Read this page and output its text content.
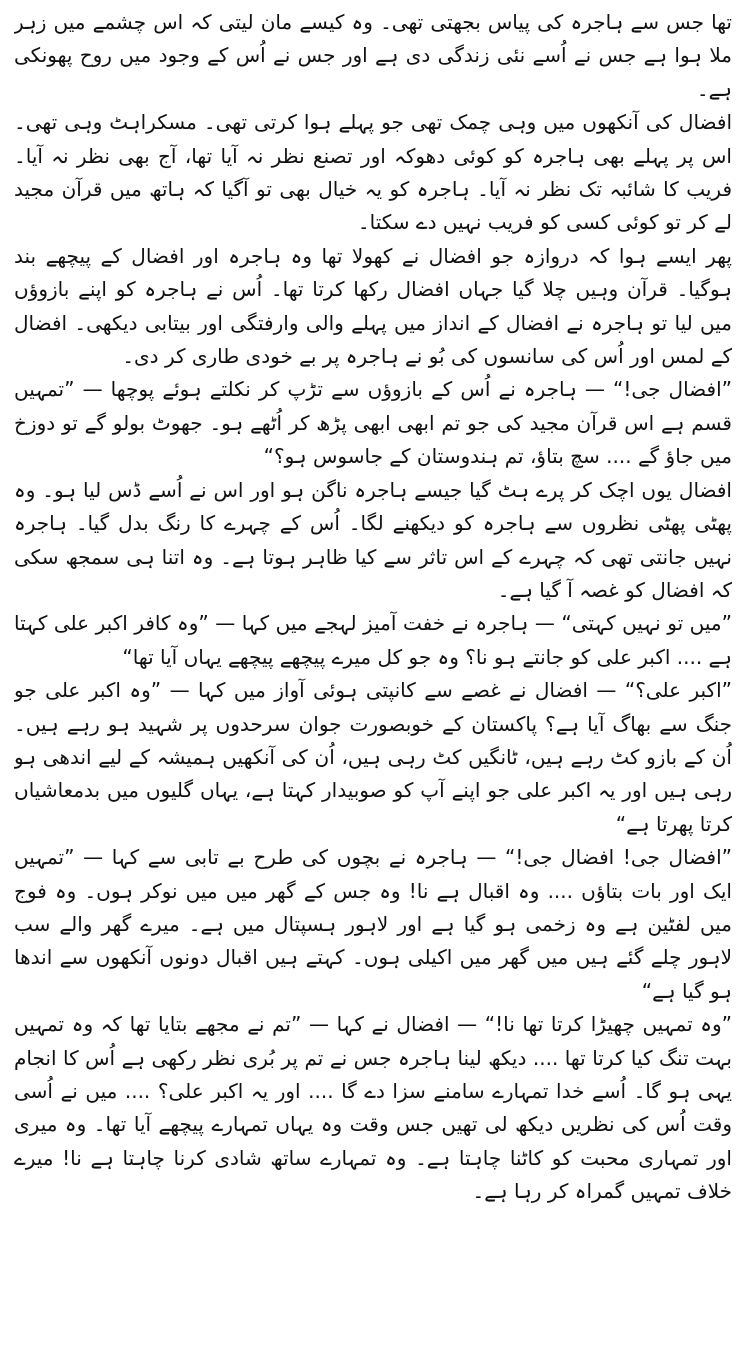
تھا جس سے ہاجرہ کی پیاس بجھتی تھی۔ وہ کیسے مان لیتی کہ اس چشمے میں زہر ملا ہوا ہے جس نے اُسے نئی زندگی دی ہے اور جس نے اُس کے وجود میں روح پھونکی ہے۔

افضال کی آنکھوں میں وہی چمک تھی جو پہلے ہوا کرتی تھی۔ مسکراہٹ وہی تھی۔ اس پر پہلے بھی ہاجرہ کو کوئی دھوکہ اور تصنع نظر نہ آیا تھا، آج بھی نظر نہ آیا۔ فریب کا شائبہ تک نظر نہ آیا۔ ہاجرہ کو یہ خیال بھی تو آگیا کہ ہاتھ میں قرآن مجید لے کر تو کوئی کسی کو فریب نہیں دے سکتا۔

پھر ایسے ہوا کہ دروازہ جو افضال نے کھولا تھا وہ ہاجرہ اور افضال کے پیچھے بند ہوگیا۔ قرآن وہیں چلا گیا جہاں افضال رکھا کرتا تھا۔ اُس نے ہاجرہ کو اپنے بازوؤں میں لیا تو ہاجرہ نے افضال کے انداز میں پہلے والی وارفتگی اور بیتابی دیکھی۔ افضال کے لمس اور اُس کی سانسوں کی بُو نے ہاجرہ پر بے خودی طاری کر دی۔

”افضال جی!“ — ہاجرہ نے اُس کے بازوؤں سے تڑپ کر نکلتے ہوئے پوچھا — ”تمہیں قسم ہے اس قرآن مجید کی جو تم ابھی ابھی پڑھ کر اُٹھے ہو۔ جھوٹ بولو گے تو دوزخ میں جاؤ گے .... سچ بتاؤ، تم ہندوستان کے جاسوس ہو؟“

افضال یوں اچک کر پرے ہٹ گیا جیسے ہاجرہ ناگن ہو اور اس نے اُسے ڈس لیا ہو۔ وہ پھٹی پھٹی نظروں سے ہاجرہ کو دیکھنے لگا۔ اُس کے چہرے کا رنگ بدل گیا۔ ہاجرہ نہیں جانتی تھی کہ چہرے کے اس تاثر سے کیا ظاہر ہوتا ہے۔ وہ اتنا ہی سمجھ سکی کہ افضال کو غصہ آ گیا ہے۔

”میں تو نہیں کہتی“ — ہاجرہ نے خفت آمیز لہجے میں کہا — ”وہ کافر اکبر علی کہتا ہے .... اکبر علی کو جانتے ہو نا؟ وہ جو کل میرے پیچھے پیچھے یہاں آیا تھا“

”اکبر علی؟“ — افضال نے غصے سے کانپتی ہوئی آواز میں کہا — ”وہ اکبر علی جو جنگ سے بھاگ آیا ہے؟ پاکستان کے خوبصورت جوان سرحدوں پر شہید ہو رہے ہیں۔ اُن کے بازو کٹ رہے ہیں، ٹانگیں کٹ رہی ہیں، اُن کی آنکھیں ہمیشہ کے لیے اندھی ہو رہی ہیں اور یہ اکبر علی جو اپنے آپ کو صوبیدار کہتا ہے، یہاں گلیوں میں بدمعاشیاں کرتا پھرتا ہے“

”افضال جی! افضال جی!“ — ہاجرہ نے بچوں کی طرح بے تابی سے کہا — ”تمہیں ایک اور بات بتاؤں .... وہ اقبال ہے نا! وہ جس کے گھر میں میں نوکر ہوں۔ وہ فوج میں لفٹین ہے وہ زخمی ہو گیا ہے اور لاہور ہسپتال میں ہے۔ میرے گھر والے سب لاہور چلے گئے ہیں میں گھر میں اکیلی ہوں۔ کہتے ہیں اقبال دونوں آنکھوں سے اندھا ہو گیا ہے“

”وہ تمہیں چھیڑا کرتا تھا نا!“ — افضال نے کہا — ”تم نے مجھے بتایا تھا کہ وہ تمہیں بہت تنگ کیا کرتا تھا .... دیکھ لینا ہاجرہ جس نے تم پر بُری نظر رکھی ہے اُس کا انجام یہی ہو گا۔ اُسے خدا تمہارے سامنے سزا دے گا .... اور یہ اکبر علی؟ .... میں نے اُسی وقت اُس کی نظریں دیکھ لی تھیں جس وقت وہ یہاں تمہارے پیچھے آیا تھا۔ وہ میری اور تمہاری محبت کو کاٹنا چاہتا ہے۔ وہ تمہارے ساتھ شادی کرنا چاہتا ہے نا! میرے خلاف تمہیں گمراہ کر رہا ہے۔
